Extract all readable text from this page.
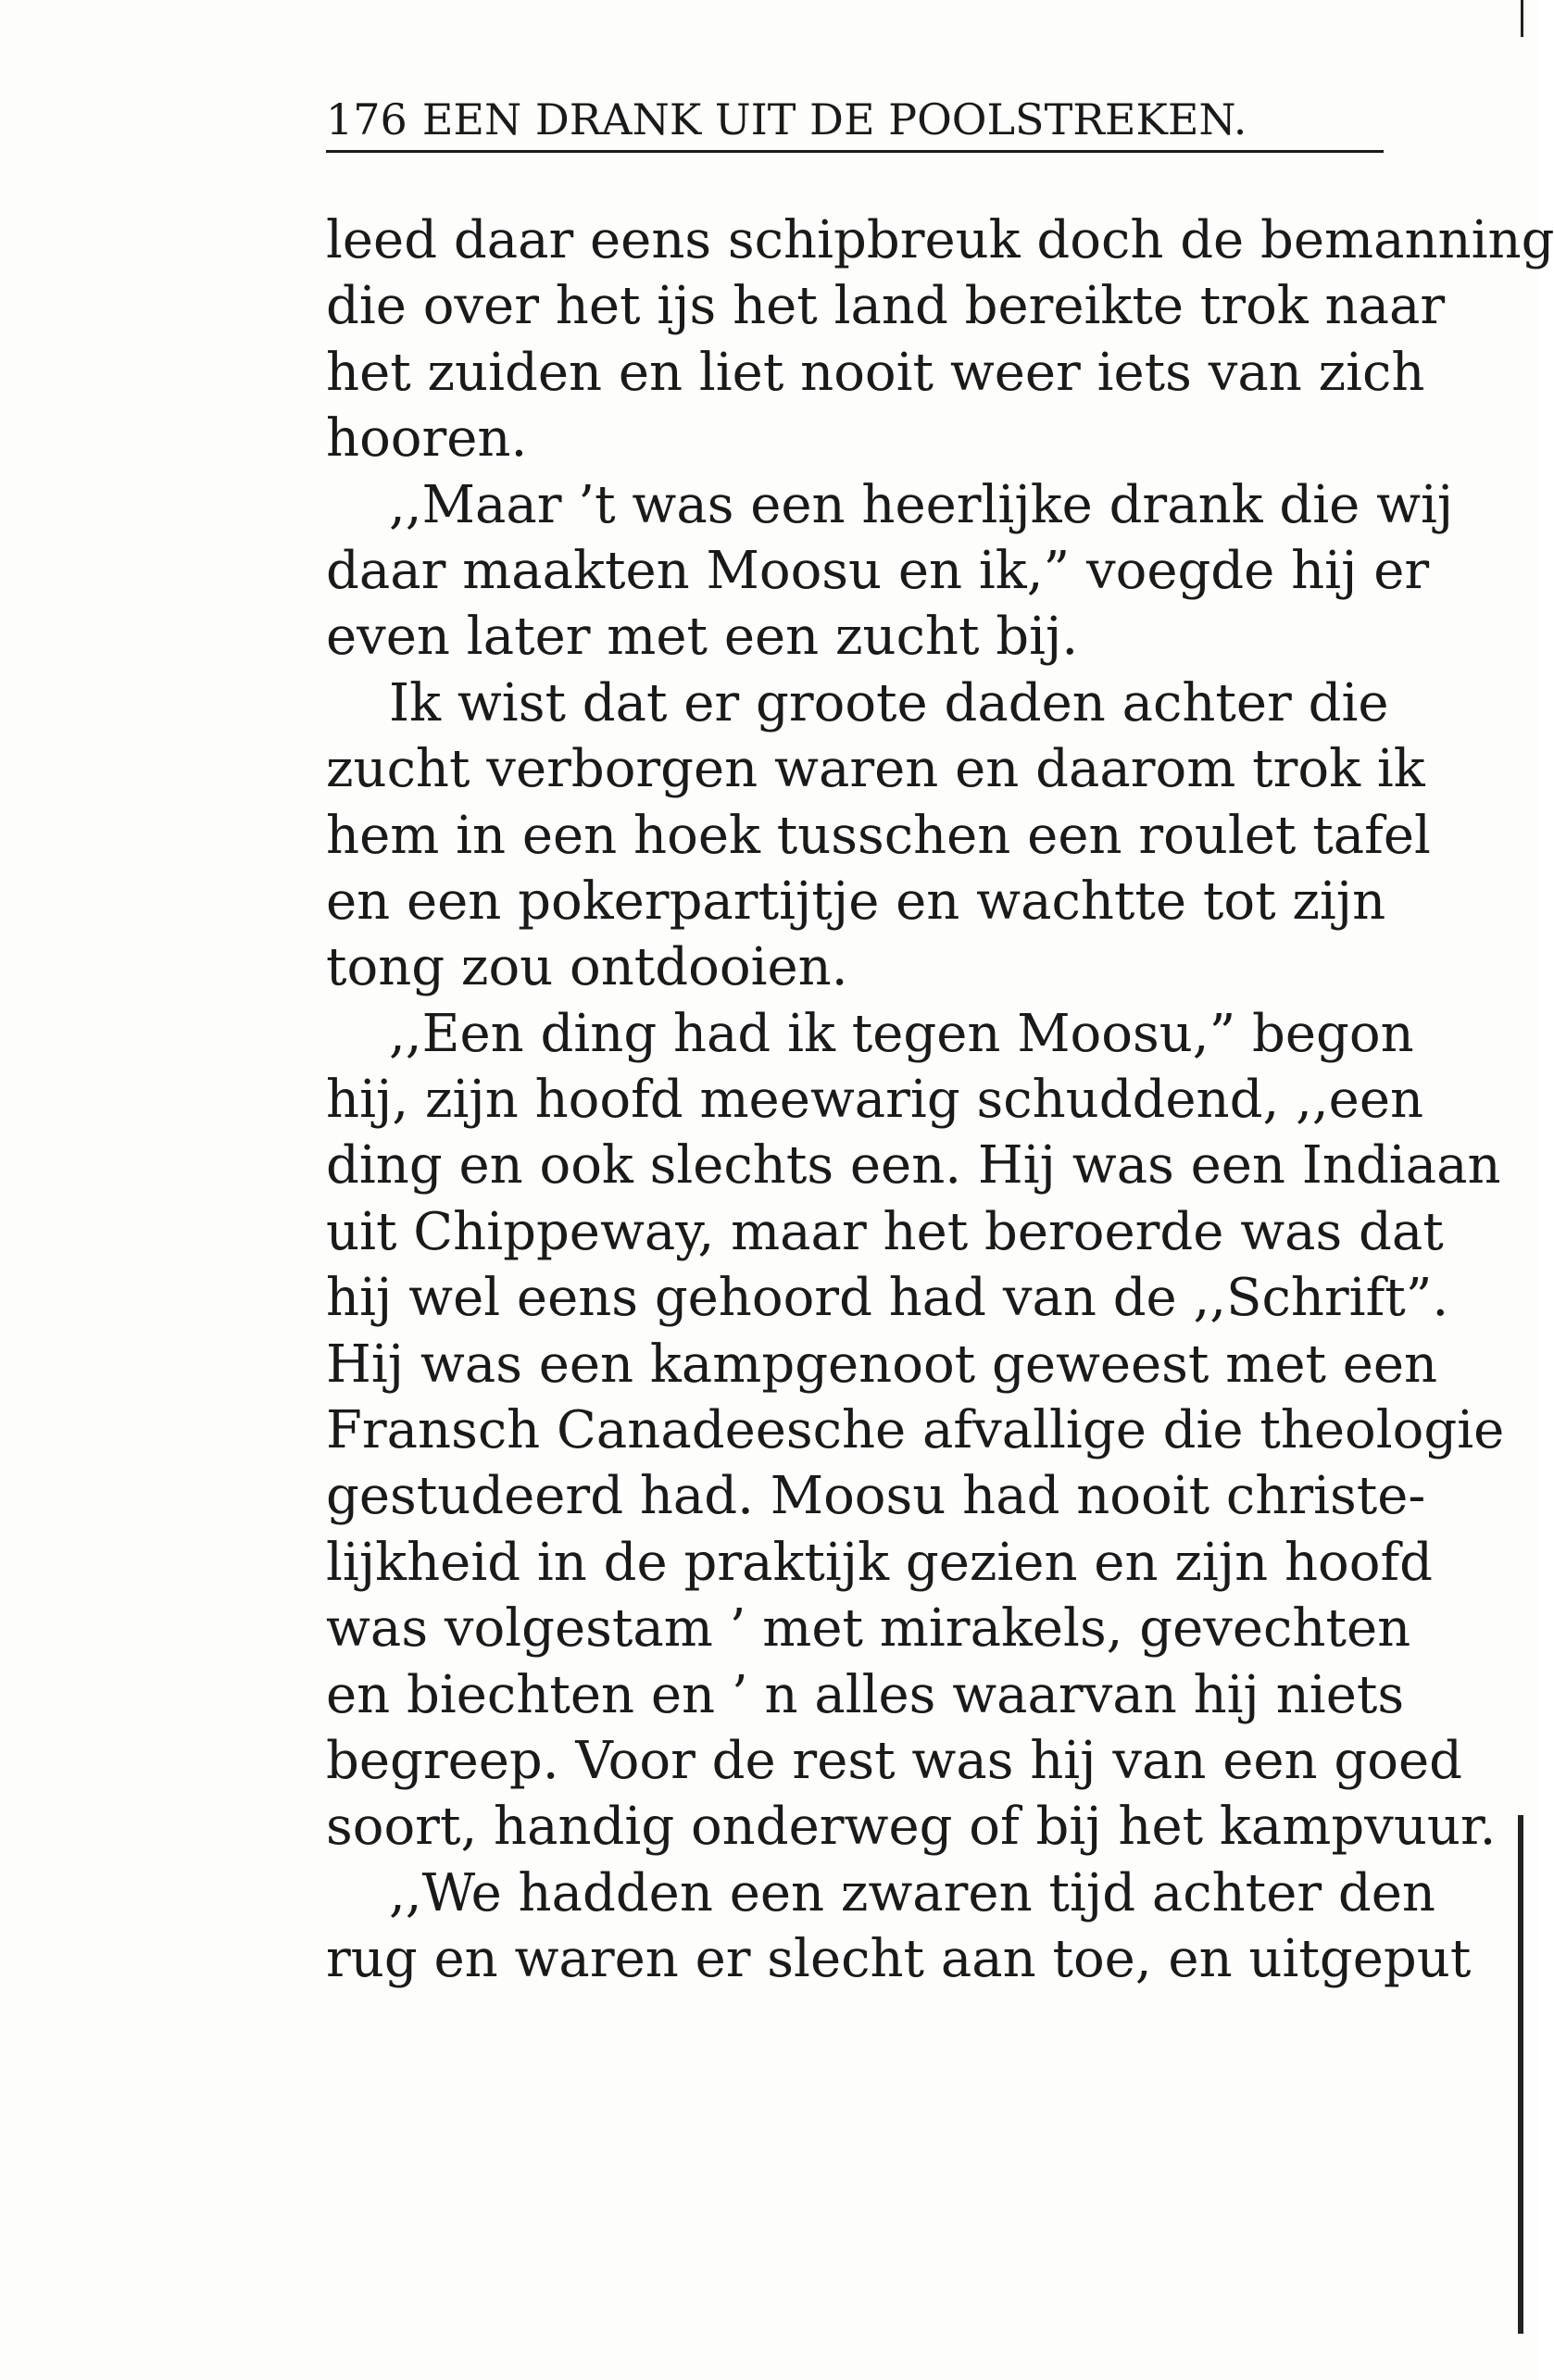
176 EEN DRANK UIT DE POOLSTREKEN.
leed daar eens schipbreuk doch de bemanning
die over het ijs het land bereikte trok naar
het zuiden en liet nooit weer iets van zich
hooren.
,,Maar ’t was een heerlijke drank die wij
daar maakten Moosu en ik,” voegde hij er
even later met een zucht bij.
Ik wist dat er groote daden achter die
zucht verborgen waren en daarom trok ik
hem in een hoek tusschen een roulet tafel
en een pokerpartijtje en wachtte tot zijn
tong zou ontdooien.
,,Een ding had ik tegen Moosu,” begon
hij, zijn hoofd meewarig schuddend, ,,een
ding en ook slechts een. Hij was een Indiaan
uit Chippeway, maar het beroerde was dat
hij wel eens gehoord had van de ,,Schrift”.
Hij was een kampgenoot geweest met een
Fransch Canadeesche afvallige die theologie
gestudeerd had. Moosu had nooit christe-
lijkheid in de praktijk gezien en zijn hoofd
was volgestam ’ met mirakels, gevechten
en biechten en ’ n alles waarvan hij niets
begreep. Voor de rest was hij van een goed
soort, handig onderweg of bij het kampvuur.
,,We hadden een zwaren tijd achter den
rug en waren er slecht aan toe, en uitgeput
